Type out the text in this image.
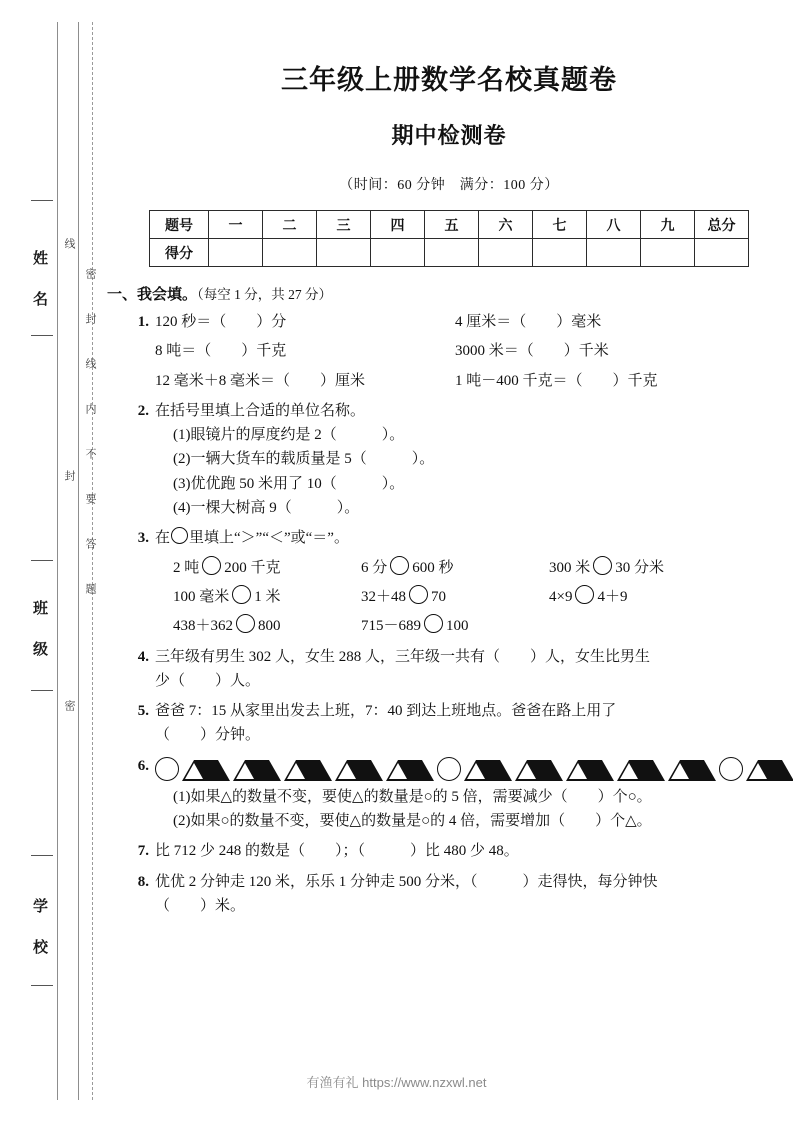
姓 名
班 级
学 校
线
封
密
密封线内不要答题
三年级上册数学名校真题卷
期中检测卷
（时间：60 分钟　满分：100 分）
题号	一	二	三	四	五	六	七	八	九	总分
得分										
一、我会填。（每空 1 分，共 27 分）
1. 120 秒＝（　　）分	4 厘米＝（　　）毫米
8 吨＝（　　）千克	3000 米＝（　　）千米
12 毫米＋8 毫米＝（　　）厘米	1 吨－400 千克＝（　　）千克
2. 在括号里填上合适的单位名称。
(1)眼镜片的厚度约是 2（　　　）。
(2)一辆大货车的载质量是 5（　　　）。
(3)优优跑 50 米用了 10（　　　）。
(4)一棵大树高 9（　　　）。
3. 在 里填上“＞”“＜”或“＝”。
2 吨 200 千克	6 分 600 秒	300 米 30 分米
100 毫米 1 米	32＋48 70	4×9 4＋9
438＋362 800	715－689 100
4. 三年级有男生 302 人，女生 288 人，三年级一共有（　　）人，女生比男生
少（　　）人。
5. 爸爸 7：15 从家里出发去上班，7：40 到达上班地点。爸爸在路上用了
（　　）分钟。
6.
(1)如果△的数量不变，要使△的数量是○的 5 倍，需要减少（　　）个○。
(2)如果○的数量不变，要使△的数量是○的 4 倍，需要增加（　　）个△。
7. 比 712 少 248 的数是（　　）；（　　　）比 480 少 48。
8. 优优 2 分钟走 120 米，乐乐 1 分钟走 500 分米，（　　　）走得快，每分钟快
（　　）米。
有渔有礼 https://www.nzxwl.net
